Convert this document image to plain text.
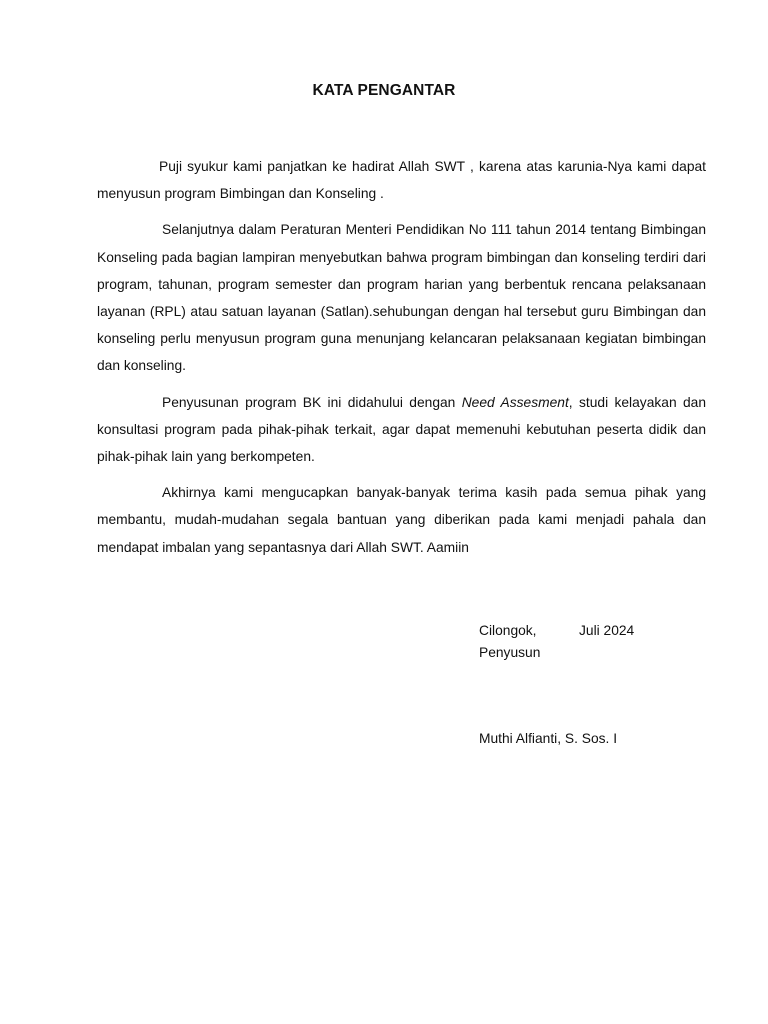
KATA PENGANTAR

Puji syukur kami panjatkan ke hadirat Allah SWT , karena atas karunia-Nya kami dapat menyusun program Bimbingan dan Konseling .

Selanjutnya dalam Peraturan Menteri Pendidikan No 111 tahun 2014 tentang Bimbingan Konseling pada bagian lampiran menyebutkan bahwa program bimbingan dan konseling terdiri dari program, tahunan, program semester dan program harian yang berbentuk rencana pelaksanaan layanan (RPL) atau satuan layanan (Satlan).sehubungan dengan hal tersebut guru Bimbingan dan konseling perlu menyusun program guna menunjang kelancaran pelaksanaan kegiatan bimbingan dan konseling.

Penyusunan program BK ini didahului dengan Need Assesment, studi kelayakan dan konsultasi program pada pihak-pihak terkait, agar dapat memenuhi kebutuhan peserta didik dan pihak-pihak lain yang berkompeten.

Akhirnya kami mengucapkan banyak-banyak terima kasih pada semua pihak yang membantu, mudah-mudahan segala bantuan yang diberikan pada kami menjadi pahala dan mendapat imbalan yang sepantasnya dari Allah SWT. Aamiin

Cilongok,	Juli 2024
Penyusun
Muthi Alfianti, S. Sos. I
